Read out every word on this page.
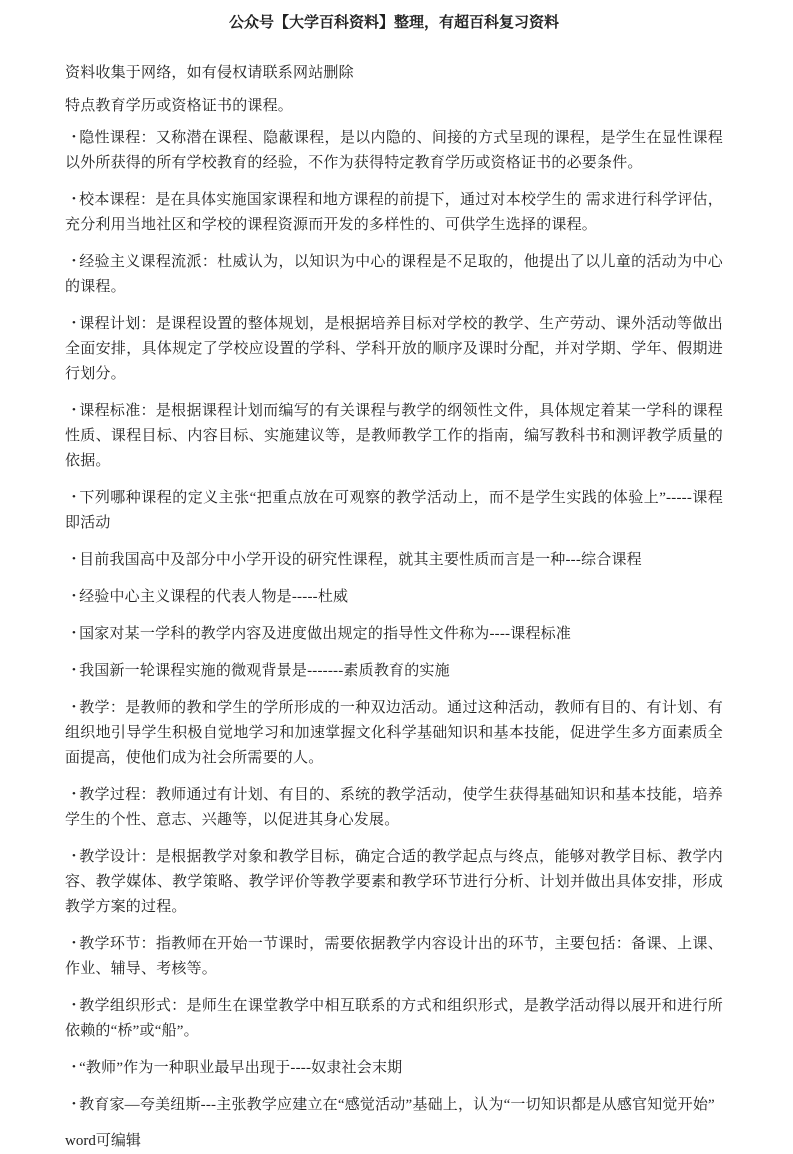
公众号【大学百科资料】整理，有超百科复习资料

资料收集于网络，如有侵权请联系网站删除

特点教育学历或资格证书的课程。

• 隐性课程：又称潜在课程、隐蔽课程，是以内隐的、间接的方式呈现的课程，是学生在显性课程以外所获得的所有学校教育的经验，不作为获得特定教育学历或资格证书的必要条件。

• 校本课程：是在具体实施国家课程和地方课程的前提下，通过对本校学生的 需求进行科学评估，充分利用当地社区和学校的课程资源而开发的多样性的、可供学生选择的课程。

• 经验主义课程流派：杜威认为，以知识为中心的课程是不足取的，他提出了以儿童的活动为中心的课程。

• 课程计划：是课程设置的整体规划，是根据培养目标对学校的教学、生产劳动、课外活动等做出全面安排，具体规定了学校应设置的学科、学科开放的顺序及课时分配，并对学期、学年、假期进行划分。

• 课程标准：是根据课程计划而编写的有关课程与教学的纲领性文件，具体规定着某一学科的课程性质、课程目标、内容目标、实施建议等，是教师教学工作的指南，编写教科书和测评教学质量的依据。

• 下列哪种课程的定义主张“把重点放在可观察的教学活动上，而不是学生实践的体验上”-----课程即活动

• 目前我国高中及部分中小学开设的研究性课程，就其主要性质而言是一种---综合课程

• 经验中心主义课程的代表人物是-----杜威

• 国家对某一学科的教学内容及进度做出规定的指导性文件称为----课程标准

• 我国新一轮课程实施的微观背景是-------素质教育的实施

• 教学：是教师的教和学生的学所形成的一种双边活动。通过这种活动，教师有目的、有计划、有组织地引导学生积极自觉地学习和加速掌握文化科学基础知识和基本技能，促进学生多方面素质全面提高，使他们成为社会所需要的人。

• 教学过程：教师通过有计划、有目的、系统的教学活动，使学生获得基础知识和基本技能，培养学生的个性、意志、兴趣等，以促进其身心发展。

• 教学设计：是根据教学对象和教学目标，确定合适的教学起点与终点，能够对教学目标、教学内容、教学媒体、教学策略、教学评价等教学要素和教学环节进行分析、计划并做出具体安排，形成教学方案的过程。

• 教学环节：指教师在开始一节课时，需要依据教学内容设计出的环节，主要包括：备课、上课、作业、辅导、考核等。

• 教学组织形式：是师生在课堂教学中相互联系的方式和组织形式，是教学活动得以展开和进行所依赖的“桥”或“船”。

• “教师”作为一种职业最早出现于----奴隶社会末期

• 教育家—夸美纽斯---主张教学应建立在“感觉活动”基础上，认为“一切知识都是从感官知觉开始”

word可编辑
